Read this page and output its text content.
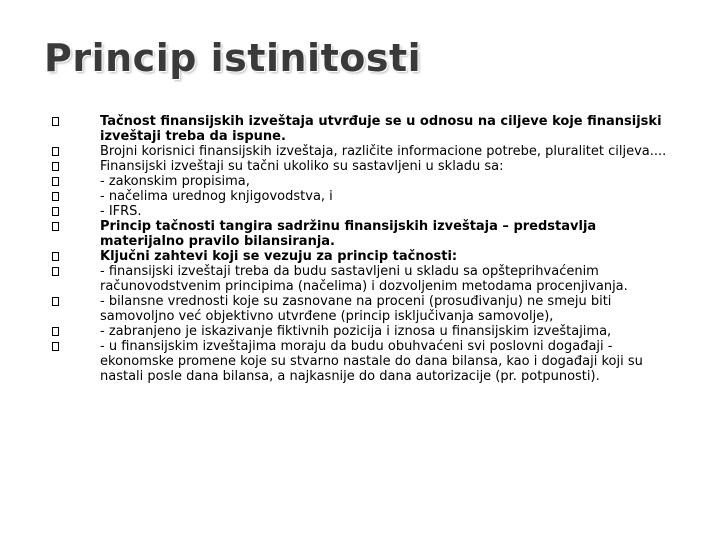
Princip istinitosti
Tačnost finansijskih izveštaja utvrđuje se u odnosu na ciljeve koje finansijski izveštaji treba da ispune.
Brojni korisnici finansijskih izveštaja, različite informacione potrebe, pluralitet ciljeva....
Finansijski izveštaji su tačni ukoliko su sastavljeni u skladu sa:
- zakonskim propisima,
- načelima urednog knjigovodstva, i
- IFRS.
Princip tačnosti tangira sadržinu finansijskih izveštaja – predstavlja materijalno pravilo bilansiranja.
Ključni zahtevi koji se vezuju za princip tačnosti:
- finansijski izveštaji treba da budu sastavljeni u skladu sa opšteprihvaćenim računovodstvenim principima (načelima) i dozvoljenim metodama procenjivanja.
- bilansne vrednosti koje su zasnovane na proceni (prosuđivanju) ne smeju biti samovoljno već objektivno utvrđene (princip isključivanja samovolje),
- zabranjeno je iskazivanje fiktivnih pozicija i iznosa u finansijskim izveštajima,
- u finansijskim izveštajima moraju da budu obuhvaćeni svi poslovni događaji - ekonomske promene koje su stvarno nastale do dana bilansa, kao i događaji koji su nastali posle dana bilansa, a najkasnije do dana autorizacije (pr. potpunosti).
